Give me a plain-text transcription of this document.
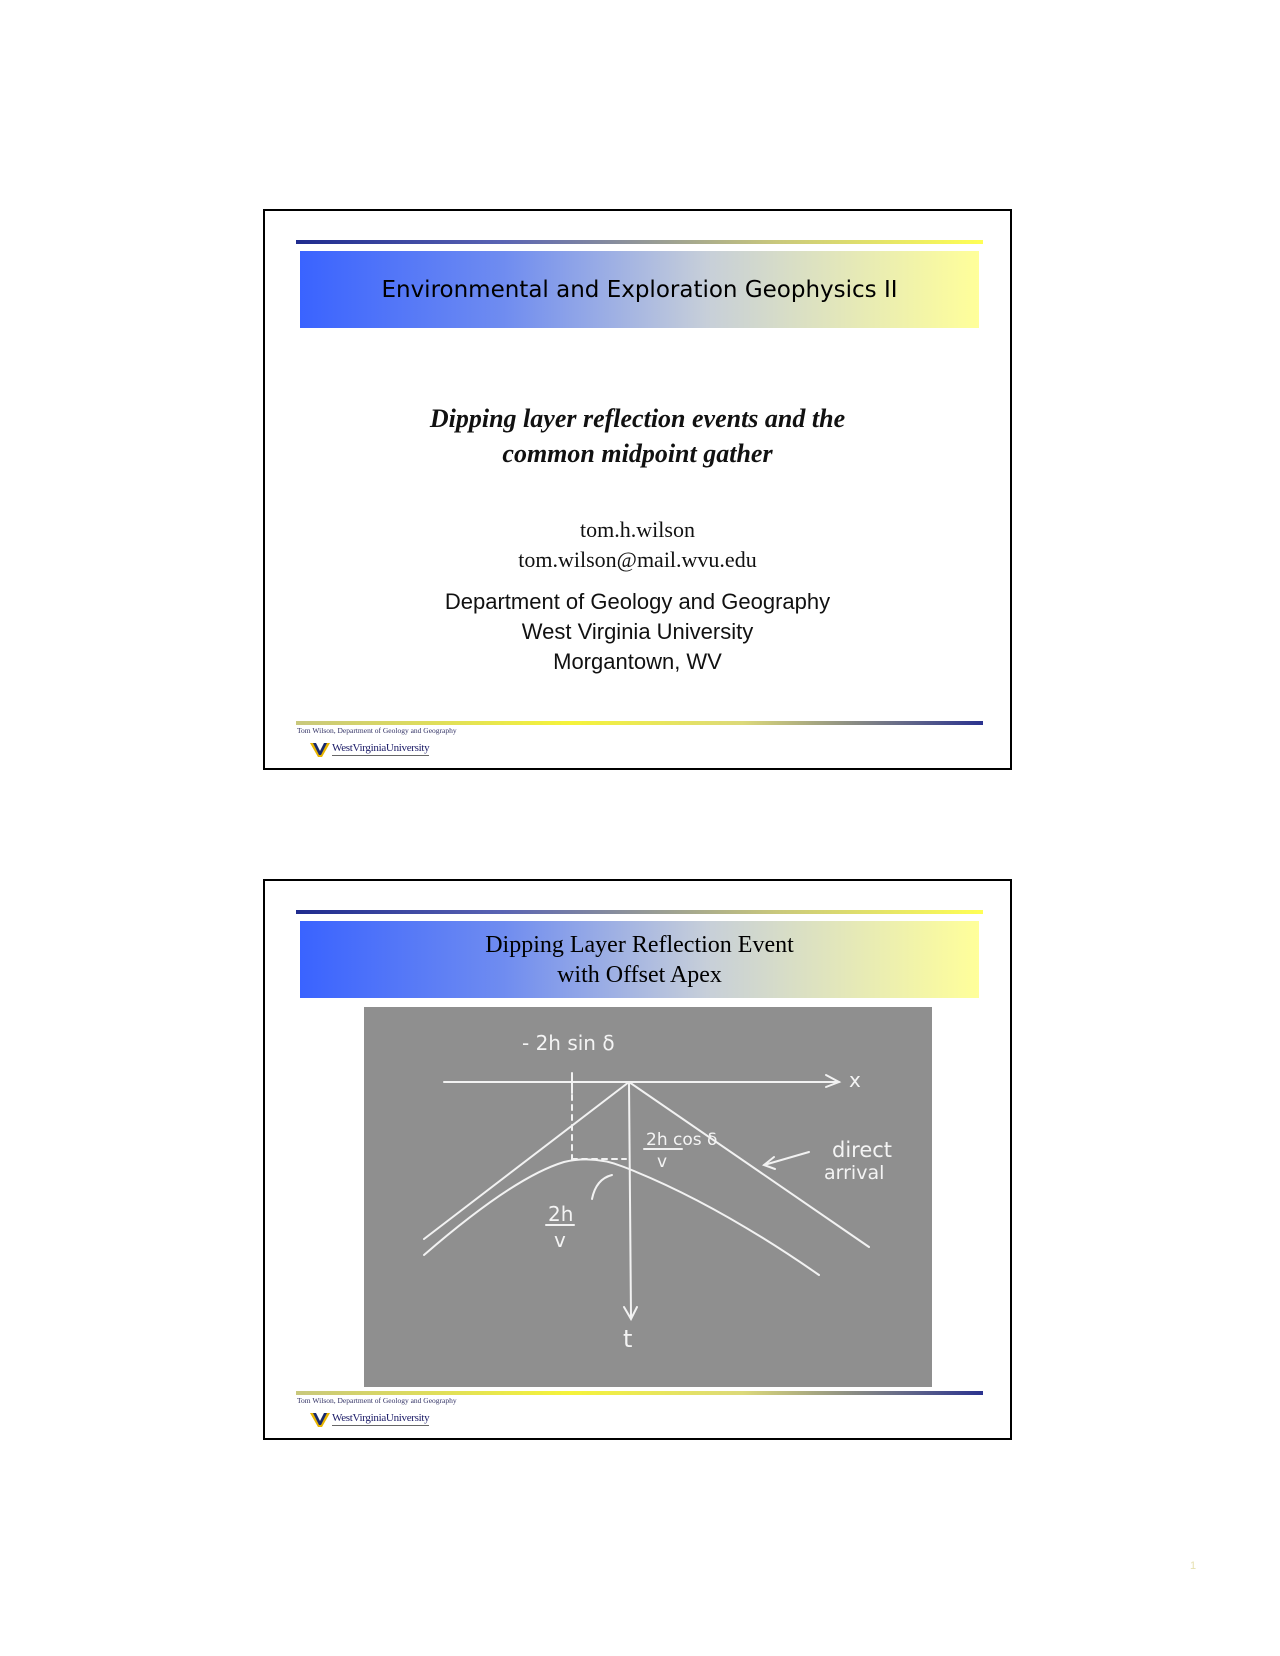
Environmental and Exploration Geophysics II
Dipping layer reflection events and the
common midpoint gather
tom.h.wilson
tom.wilson@mail.wvu.edu
Department of Geology and Geography
West Virginia University
Morgantown, WV
Tom Wilson, Department of Geology and Geography
WestVirginiaUniversity
Dipping Layer Reflection Event
with Offset Apex
- 2h sin δ
x
t
2h cos δ
v
2h
v
direct
arrival
Tom Wilson, Department of Geology and Geography
WestVirginiaUniversity
1
